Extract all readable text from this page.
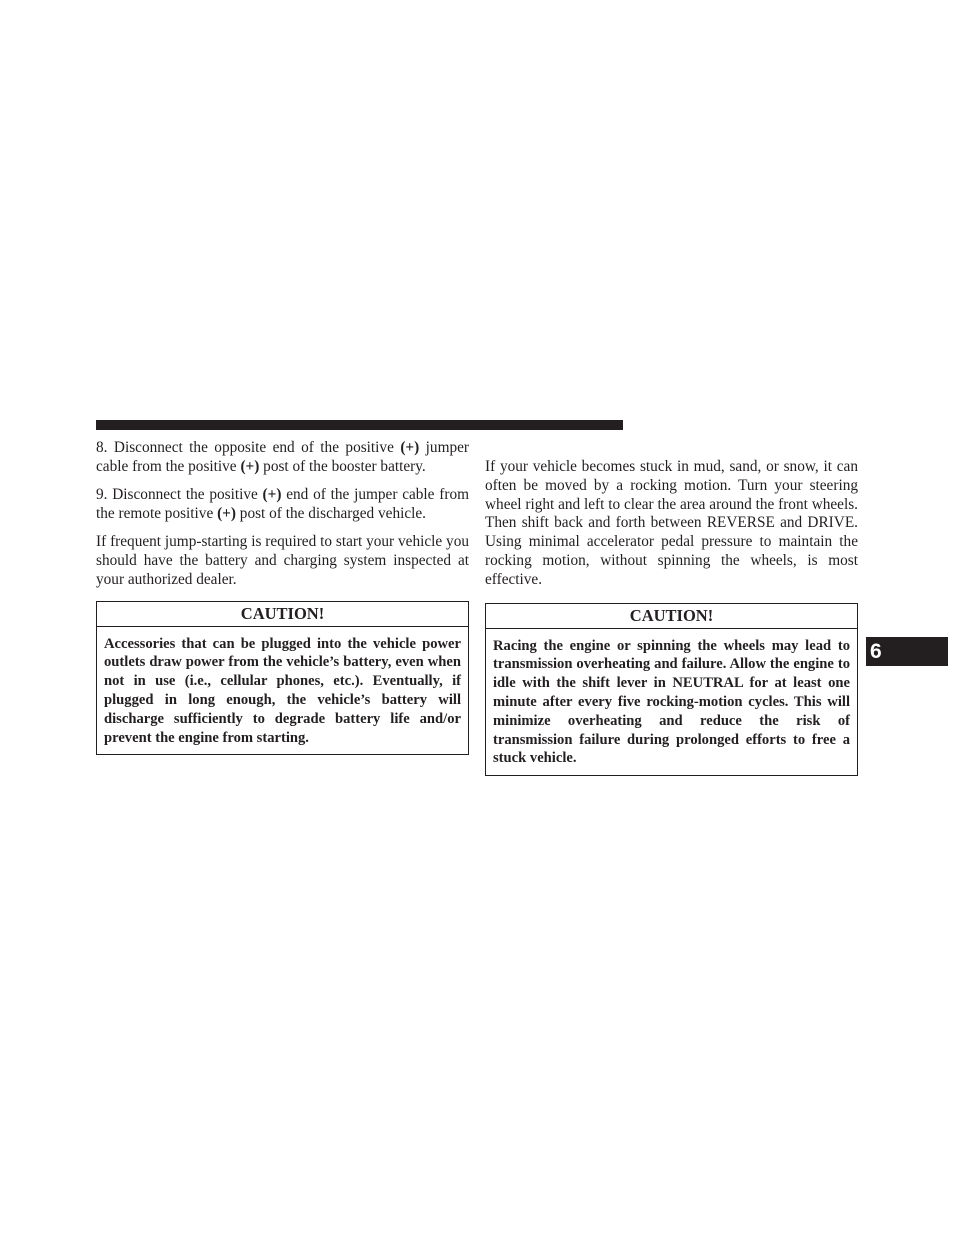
8. Disconnect the opposite end of the positive (+) jumper cable from the positive (+) post of the booster battery.

9. Disconnect the positive (+) end of the jumper cable from the remote positive (+) post of the discharged vehicle.

If frequent jump-starting is required to start your vehicle you should have the battery and charging system inspected at your authorized dealer.

CAUTION!
Accessories that can be plugged into the vehicle power outlets draw power from the vehicle’s battery, even when not in use (i.e., cellular phones, etc.). Eventually, if plugged in long enough, the vehicle’s battery will discharge sufficiently to degrade battery life and/or prevent the engine from starting.

If your vehicle becomes stuck in mud, sand, or snow, it can often be moved by a rocking motion. Turn your steering wheel right and left to clear the area around the front wheels. Then shift back and forth between REVERSE and DRIVE. Using minimal accelerator pedal pressure to maintain the rocking motion, without spinning the wheels, is most effective.

CAUTION!
Racing the engine or spinning the wheels may lead to transmission overheating and failure. Allow the engine to idle with the shift lever in NEUTRAL for at least one minute after every five rocking-motion cycles. This will minimize overheating and reduce the risk of transmission failure during prolonged efforts to free a stuck vehicle.
6
